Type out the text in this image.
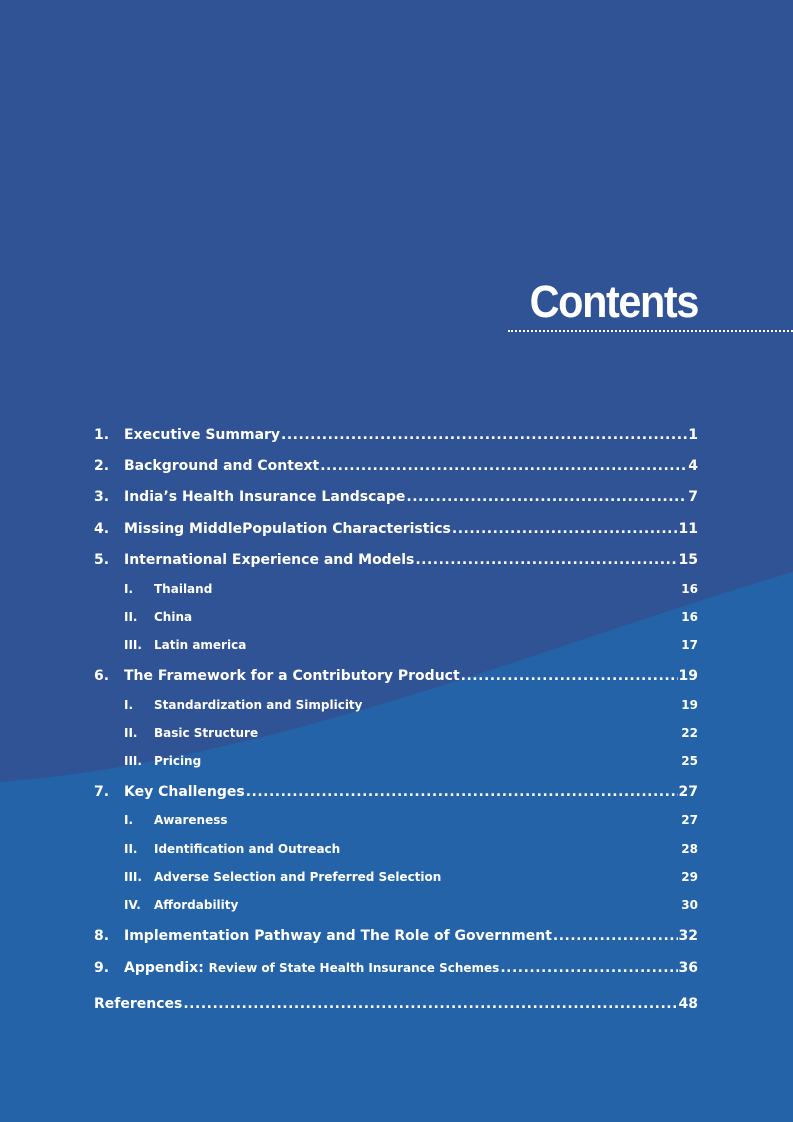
Contents
1.	Executive Summary .....	1
2.	Background and Context .....	4
3.	India’s Health Insurance Landscape .....	7
4.	Missing MiddlePopulation Characteristics .....	11
5.	International Experience and Models .....	15
I.	Thailand	16
II.	China	16
III.	Latin america	17
6.	The Framework for a Contributory Product .....	19
I.	Standardization and Simplicity	19
II.	Basic Structure	22
III.	Pricing	25
7.	Key Challenges .....	27
I.	Awareness	27
II.	Identification and Outreach	28
III.	Adverse Selection and Preferred Selection	29
IV.	Affordability	30
8.	Implementation Pathway and The Role of Government .....	32
9.	Appendix: Review of State Health Insurance Schemes .....	36
References .....	48
